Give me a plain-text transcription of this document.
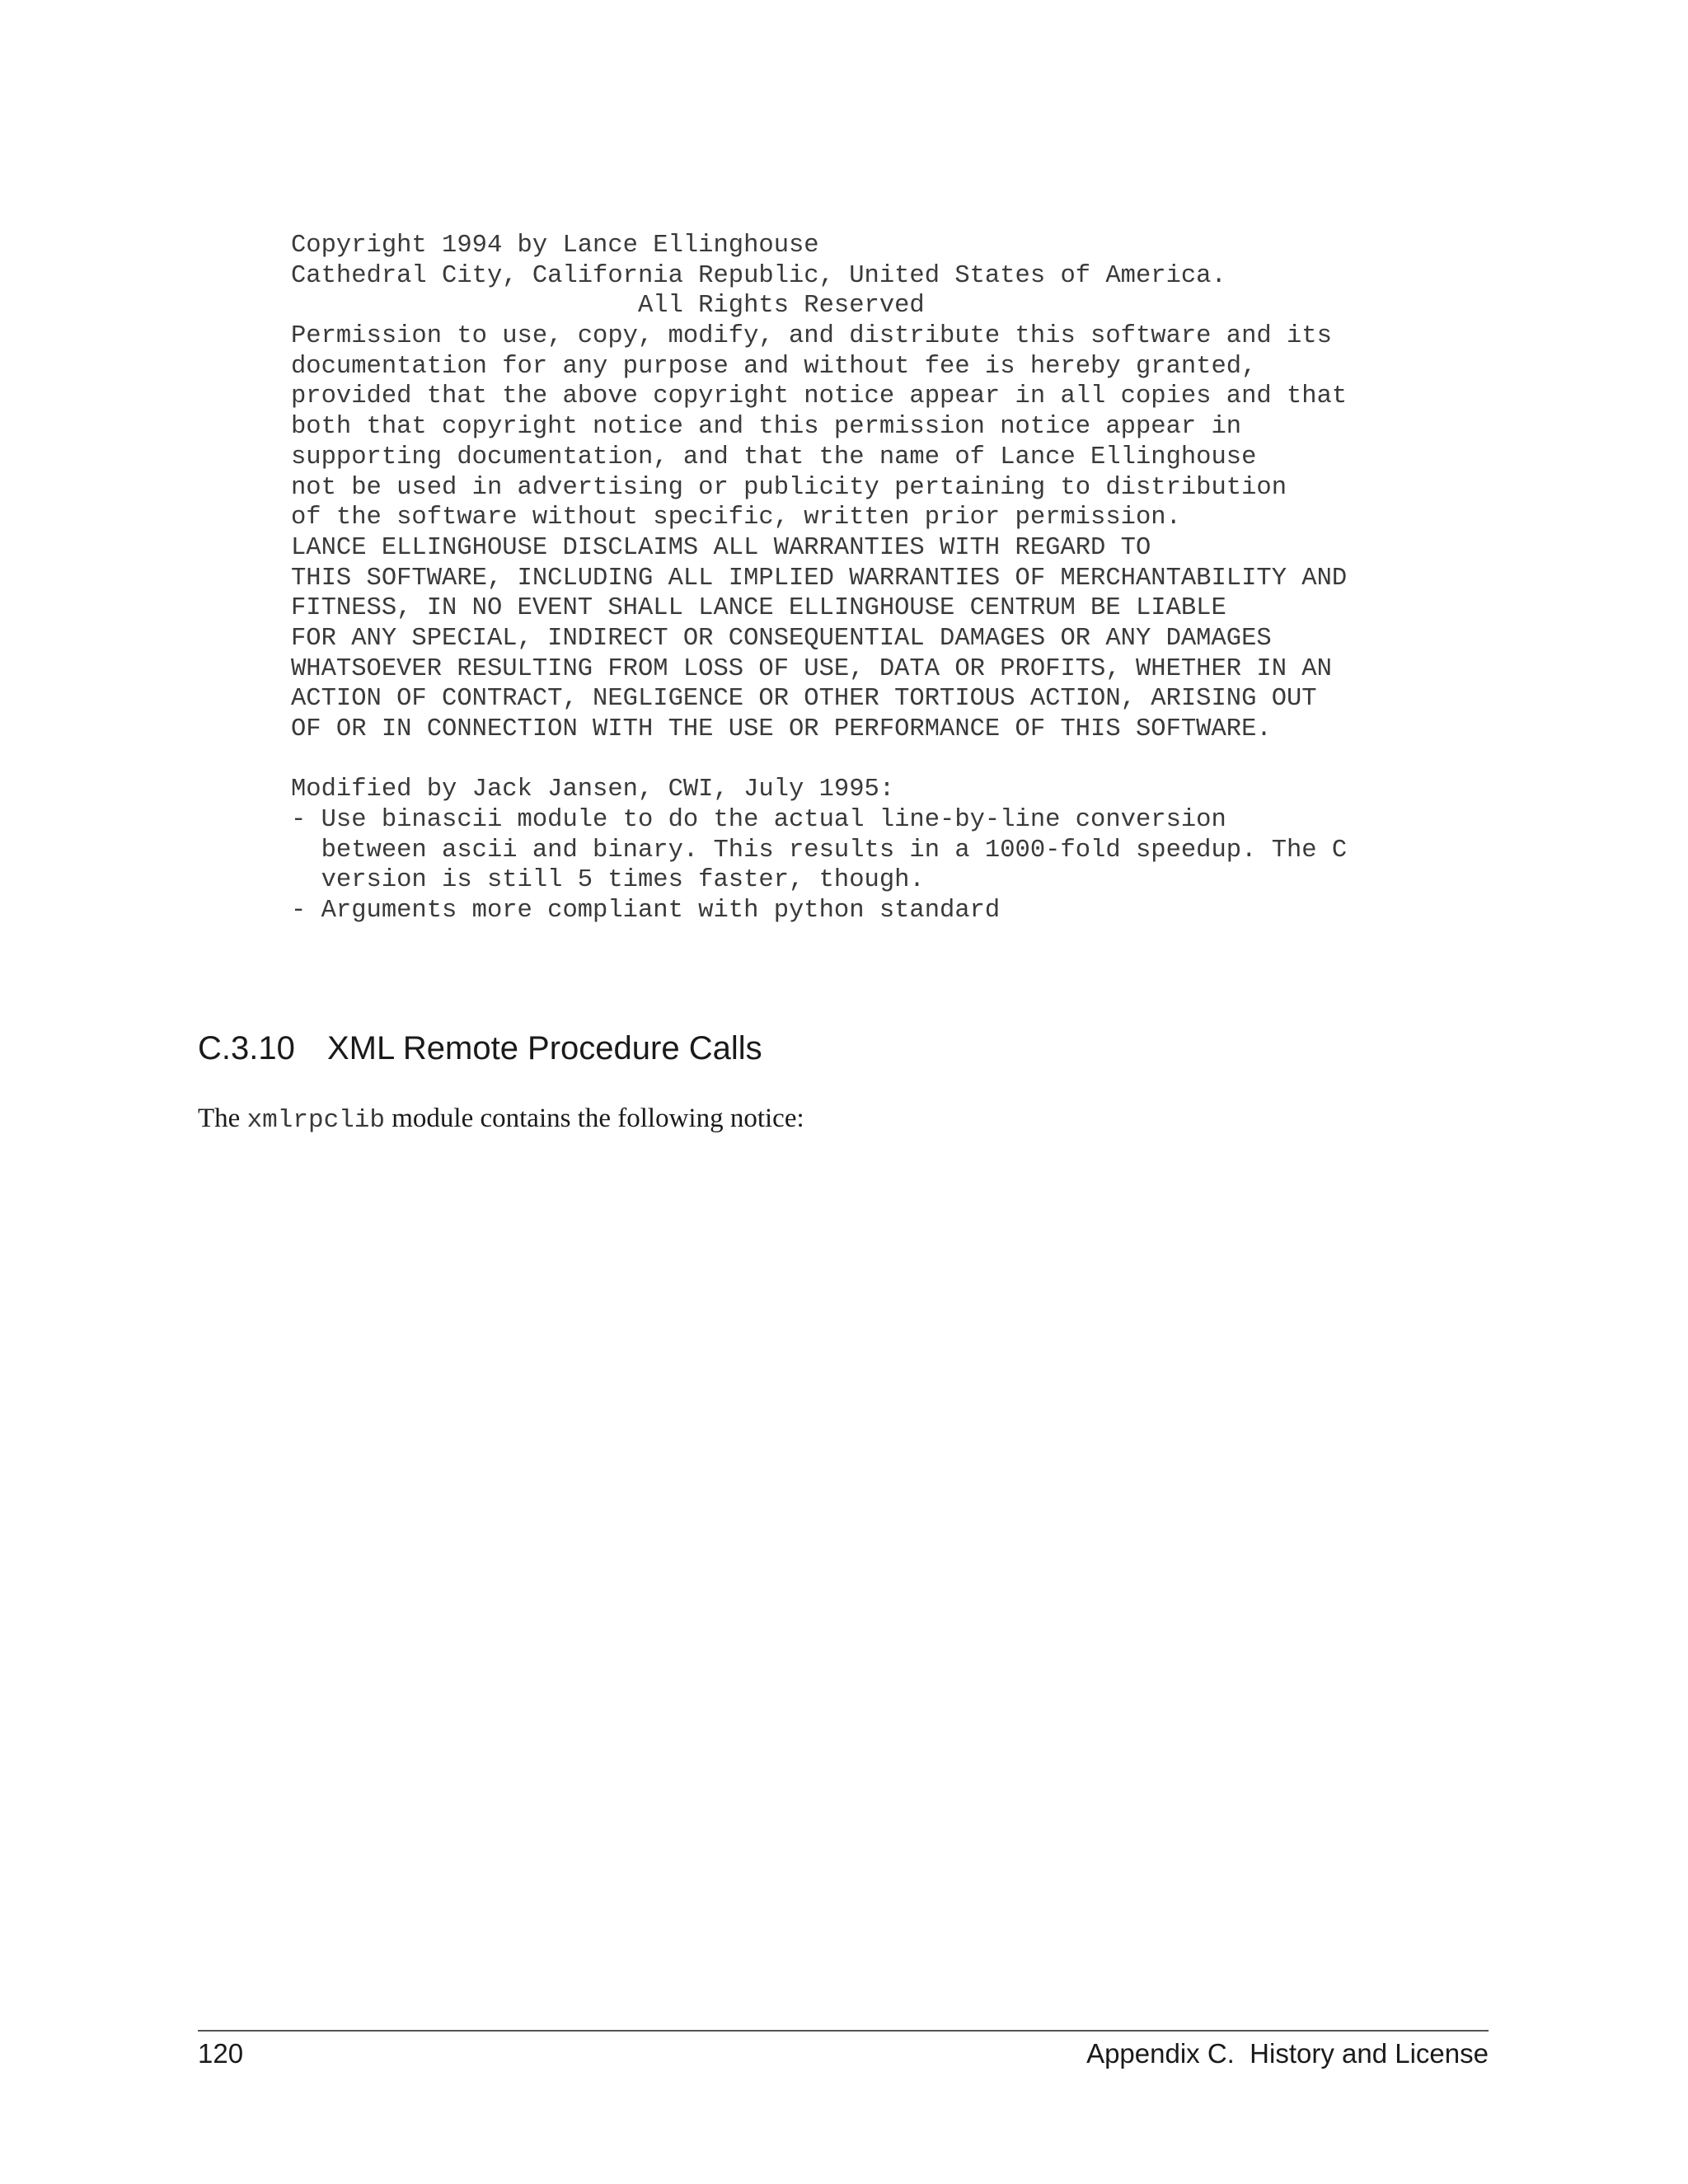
Copyright 1994 by Lance Ellinghouse
Cathedral City, California Republic, United States of America.
All Rights Reserved
Permission to use, copy, modify, and distribute this software and its
documentation for any purpose and without fee is hereby granted,
provided that the above copyright notice appear in all copies and that
both that copyright notice and this permission notice appear in
supporting documentation, and that the name of Lance Ellinghouse
not be used in advertising or publicity pertaining to distribution
of the software without specific, written prior permission.
LANCE ELLINGHOUSE DISCLAIMS ALL WARRANTIES WITH REGARD TO
THIS SOFTWARE, INCLUDING ALL IMPLIED WARRANTIES OF MERCHANTABILITY AND
FITNESS, IN NO EVENT SHALL LANCE ELLINGHOUSE CENTRUM BE LIABLE
FOR ANY SPECIAL, INDIRECT OR CONSEQUENTIAL DAMAGES OR ANY DAMAGES
WHATSOEVER RESULTING FROM LOSS OF USE, DATA OR PROFITS, WHETHER IN AN
ACTION OF CONTRACT, NEGLIGENCE OR OTHER TORTIOUS ACTION, ARISING OUT
OF OR IN CONNECTION WITH THE USE OR PERFORMANCE OF THIS SOFTWARE.
Modified by Jack Jansen, CWI, July 1995:
- Use binascii module to do the actual line-by-line conversion
between ascii and binary. This results in a 1000-fold speedup. The C
version is still 5 times faster, though.
- Arguments more compliant with python standard
C.3.10 XML Remote Procedure Calls
The xmlrpclib module contains the following notice:
120	Appendix C.  History and License
